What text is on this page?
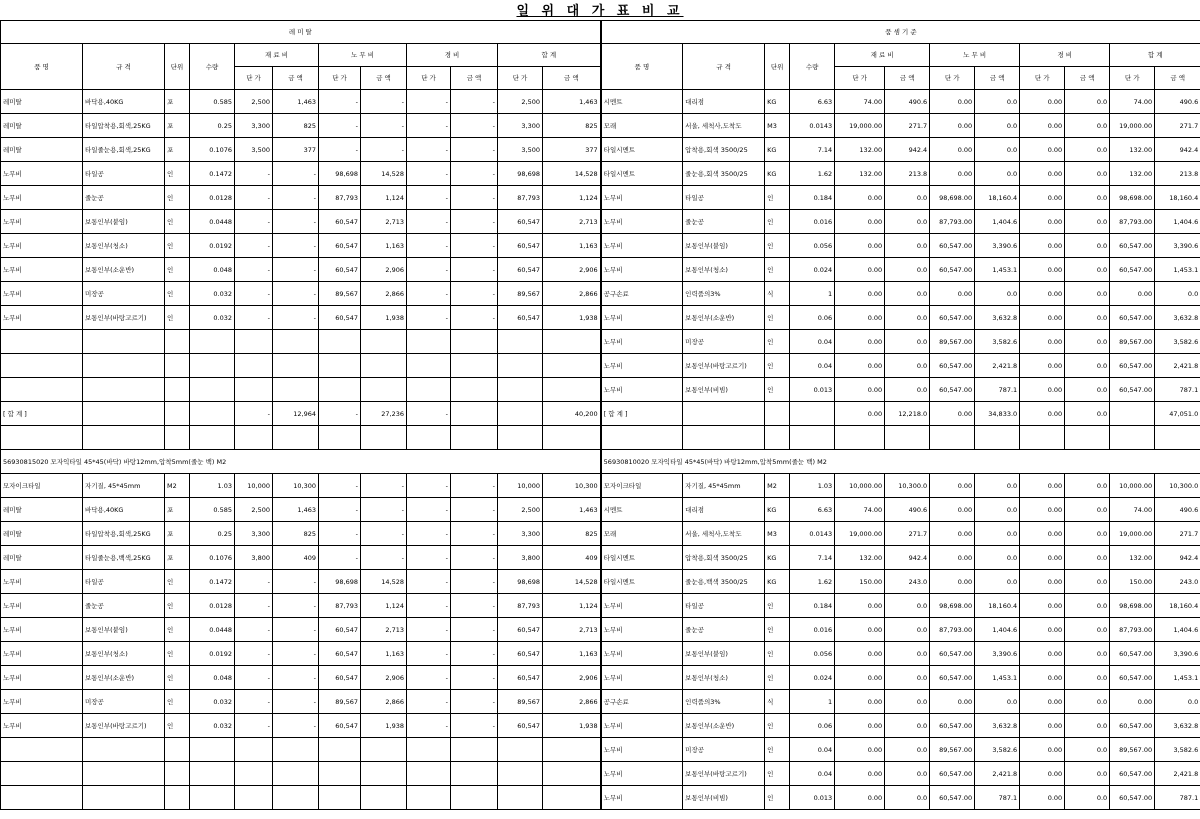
일 위 대 가 표 비 교
레 미 탈												품 셈 기 준											
품 명	규 격	단위	수량	재 료 비		노 무 비		경 비		합 계		품 명	규 격	단위	수량	재 료 비		노 무 비		경 비		합 계	
				단 가	금 액	단 가	금 액	단 가	금 액	단 가	금 액					단 가	금 액	단 가	금 액	단 가	금 액	단 가	금 액
레미탈	바닥용,40KG	포	0.585	2,500	1,463	-	-	-	-	2,500	1,463	시멘트	대리점	KG	6.63	74.00	490.6	0.00	0.0	0.00	0.0	74.00	490.6
레미탈	타일압착용,회색,25KG	포	0.25	3,300	825	-	-	-	-	3,300	825	모래	서울, 세척사,도착도	M3	0.0143	19,000.00	271.7	0.00	0.0	0.00	0.0	19,000.00	271.7
레미탈	타일줄눈용,회색,25KG	포	0.1076	3,500	377	-	-	-	-	3,500	377	타일시멘트	압착용,회색 3500/25	KG	7.14	132.00	942.4	0.00	0.0	0.00	0.0	132.00	942.4
노무비	타일공	인	0.1472	-	-	98,698	14,528	-	-	98,698	14,528	타일시멘트	줄눈용,회색 3500/25	KG	1.62	132.00	213.8	0.00	0.0	0.00	0.0	132.00	213.8
노무비	줄눈공	인	0.0128	-	-	87,793	1,124	-	-	87,793	1,124	노무비	타일공	인	0.184	0.00	0.0	98,698.00	18,160.4	0.00	0.0	98,698.00	18,160.4
노무비	보통인부(붙임)	인	0.0448	-	-	60,547	2,713	-	-	60,547	2,713	노무비	줄눈공	인	0.016	0.00	0.0	87,793.00	1,404.6	0.00	0.0	87,793.00	1,404.6
노무비	보통인부(청소)	인	0.0192	-	-	60,547	1,163	-	-	60,547	1,163	노무비	보통인부(붙임)	인	0.056	0.00	0.0	60,547.00	3,390.6	0.00	0.0	60,547.00	3,390.6
노무비	보통인부(소운반)	인	0.048	-	-	60,547	2,906	-	-	60,547	2,906	노무비	보통인부(청소)	인	0.024	0.00	0.0	60,547.00	1,453.1	0.00	0.0	60,547.00	1,453.1
노무비	미장공	인	0.032	-	-	89,567	2,866	-	-	89,567	2,866	공구손료	인력품의3%	식	1	0.00	0.0	0.00	0.0	0.00	0.0	0.00	0.0
노무비	보통인부(바탕고르기)	인	0.032	-	-	60,547	1,938	-	-	60,547	1,938	노무비	보통인부(소운반)	인	0.06	0.00	0.0	60,547.00	3,632.8	0.00	0.0	60,547.00	3,632.8
												노무비	미장공	인	0.04	0.00	0.0	89,567.00	3,582.6	0.00	0.0	89,567.00	3,582.6
												노무비	보통인부(바탕고르기)	인	0.04	0.00	0.0	60,547.00	2,421.8	0.00	0.0	60,547.00	2,421.8
												노무비	보통인부(비빔)	인	0.013	0.00	0.0	60,547.00	787.1	0.00	0.0	60,547.00	787.1
[ 합 계 ]				-	12,964	-	27,236	-			40,200	[ 합 계 ]				0.00	12,218.0	0.00	34,833.0	0.00	0.0		47,051.0

56930815020 모자익타일 45*45(바닥) 바탕12mm,압착5mm(줄눈 백) M2												56930810020 모자익타일 45*45(바닥) 바탕12mm,압착5mm(줄눈 백) M2											
모자이크타일	자기질, 45*45mm	M2	1.03	10,000	10,300	-	-	-	-	10,000	10,300	모자이크타일	자기질, 45*45mm	M2	1.03	10,000.00	10,300.0	0.00	0.0	0.00	0.0	10,000.00	10,300.0
레미탈	바닥용,40KG	포	0.585	2,500	1,463	-	-	-	-	2,500	1,463	시멘트	대리점	KG	6.63	74.00	490.6	0.00	0.0	0.00	0.0	74.00	490.6
레미탈	타일압착용,회색,25KG	포	0.25	3,300	825	-	-	-	-	3,300	825	모래	서울, 세척사,도착도	M3	0.0143	19,000.00	271.7	0.00	0.0	0.00	0.0	19,000.00	271.7
레미탈	타일줄눈용,백색,25KG	포	0.1076	3,800	409	-	-	-	-	3,800	409	타일시멘트	압착용,회색 3500/25	KG	7.14	132.00	942.4	0.00	0.0	0.00	0.0	132.00	942.4
노무비	타일공	인	0.1472	-	-	98,698	14,528	-	-	98,698	14,528	타일시멘트	줄눈용,백색 3500/25	KG	1.62	150.00	243.0	0.00	0.0	0.00	0.0	150.00	243.0
노무비	줄눈공	인	0.0128	-	-	87,793	1,124	-	-	87,793	1,124	노무비	타일공	인	0.184	0.00	0.0	98,698.00	18,160.4	0.00	0.0	98,698.00	18,160.4
노무비	보통인부(붙임)	인	0.0448	-	-	60,547	2,713	-	-	60,547	2,713	노무비	줄눈공	인	0.016	0.00	0.0	87,793.00	1,404.6	0.00	0.0	87,793.00	1,404.6
노무비	보통인부(청소)	인	0.0192	-	-	60,547	1,163	-	-	60,547	1,163	노무비	보통인부(붙임)	인	0.056	0.00	0.0	60,547.00	3,390.6	0.00	0.0	60,547.00	3,390.6
노무비	보통인부(소운반)	인	0.048	-	-	60,547	2,906	-	-	60,547	2,906	노무비	보통인부(청소)	인	0.024	0.00	0.0	60,547.00	1,453.1	0.00	0.0	60,547.00	1,453.1
노무비	미장공	인	0.032	-	-	89,567	2,866	-	-	89,567	2,866	공구손료	인력품의3%	식	1	0.00	0.0	0.00	0.0	0.00	0.0	0.00	0.0
노무비	보통인부(바탕고르기)	인	0.032	-	-	60,547	1,938	-	-	60,547	1,938	노무비	보통인부(소운반)	인	0.06	0.00	0.0	60,547.00	3,632.8	0.00	0.0	60,547.00	3,632.8
												노무비	미장공	인	0.04	0.00	0.0	89,567.00	3,582.6	0.00	0.0	89,567.00	3,582.6
												노무비	보통인부(바탕고르기)	인	0.04	0.00	0.0	60,547.00	2,421.8	0.00	0.0	60,547.00	2,421.8
												노무비	보통인부(비빔)	인	0.013	0.00	0.0	60,547.00	787.1	0.00	0.0	60,547.00	787.1
